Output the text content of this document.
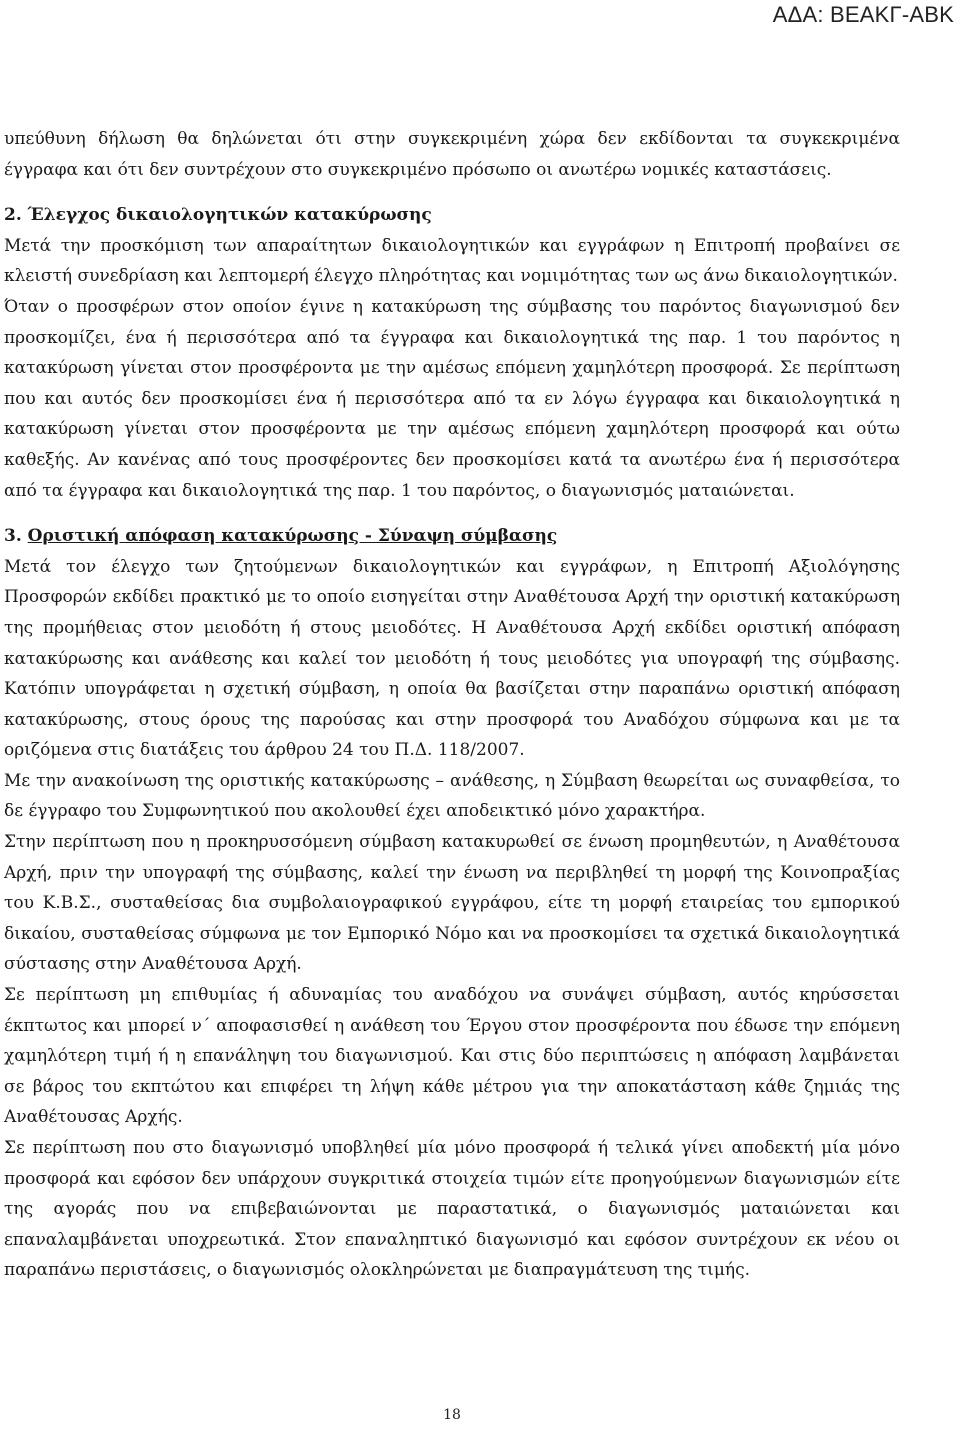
ΑΔΑ: ΒΕΑΚΓ-ΑΒΚ

υπεύθυνη δήλωση θα δηλώνεται ότι στην συγκεκριμένη χώρα δεν εκδίδονται τα συγκεκριμένα έγγραφα και ότι δεν συντρέχουν στο συγκεκριμένο πρόσωπο οι ανωτέρω νομικές καταστάσεις.

2. Έλεγχος δικαιολογητικών κατακύρωσης

Μετά την προσκόμιση των απαραίτητων δικαιολογητικών και εγγράφων η Επιτροπή προβαίνει σε κλειστή συνεδρίαση και λεπτομερή έλεγχο πληρότητας και νομιμότητας των ως άνω δικαιολογητικών.

Όταν ο προσφέρων στον οποίον έγινε η κατακύρωση της σύμβασης του παρόντος διαγωνισμού δεν προσκομίζει, ένα ή περισσότερα από τα έγγραφα και δικαιολογητικά της παρ. 1 του παρόντος η κατακύρωση γίνεται στον προσφέροντα με την αμέσως επόμενη χαμηλότερη προσφορά. Σε περίπτωση που και αυτός δεν προσκομίσει ένα ή περισσότερα από τα εν λόγω έγγραφα και δικαιολογητικά η κατακύρωση γίνεται στον προσφέροντα με την αμέσως επόμενη χαμηλότερη προσφορά και ούτω καθεξής. Αν κανένας από τους προσφέροντες δεν προσκομίσει κατά τα ανωτέρω ένα ή περισσότερα από τα έγγραφα και δικαιολογητικά της παρ. 1 του παρόντος, ο διαγωνισμός ματαιώνεται.

3. Οριστική απόφαση κατακύρωσης - Σύναψη σύμβασης

Μετά τον έλεγχο των ζητούμενων δικαιολογητικών και εγγράφων, η Επιτροπή Αξιολόγησης Προσφορών εκδίδει πρακτικό με το οποίο εισηγείται στην Αναθέτουσα Αρχή την οριστική κατακύρωση της προμήθειας στον μειοδότη ή στους μειοδότες. Η Αναθέτουσα Αρχή εκδίδει οριστική απόφαση κατακύρωσης και ανάθεσης και καλεί τον μειοδότη ή τους μειοδότες για υπογραφή της σύμβασης. Κατόπιν υπογράφεται η σχετική σύμβαση, η οποία θα βασίζεται στην παραπάνω οριστική απόφαση κατακύρωσης, στους όρους της παρούσας και στην προσφορά του Αναδόχου σύμφωνα και με τα οριζόμενα στις διατάξεις του άρθρου 24 του Π.Δ. 118/2007.

Με την ανακοίνωση της οριστικής κατακύρωσης – ανάθεσης, η Σύμβαση θεωρείται ως συναφθείσα, το δε έγγραφο του Συμφωνητικού που ακολουθεί έχει αποδεικτικό μόνο χαρακτήρα.

Στην περίπτωση που η προκηρυσσόμενη σύμβαση κατακυρωθεί σε ένωση προμηθευτών, η Αναθέτουσα Αρχή, πριν την υπογραφή της σύμβασης, καλεί την ένωση να περιβληθεί τη μορφή της Κοινοπραξίας του Κ.Β.Σ., συσταθείσας δια συμβολαιογραφικού εγγράφου, είτε τη μορφή εταιρείας του εμπορικού δικαίου, συσταθείσας σύμφωνα με τον Εμπορικό Νόμο και να προσκομίσει τα σχετικά δικαιολογητικά σύστασης στην Αναθέτουσα Αρχή.

Σε περίπτωση μη επιθυμίας ή αδυναμίας του αναδόχου να συνάψει σύμβαση, αυτός κηρύσσεται έκπτωτος και μπορεί ν΄ αποφασισθεί η ανάθεση του Έργου στον προσφέροντα που έδωσε την επόμενη χαμηλότερη τιμή ή η επανάληψη του διαγωνισμού. Και στις δύο περιπτώσεις η απόφαση λαμβάνεται σε βάρος του εκπτώτου και επιφέρει τη λήψη κάθε μέτρου για την αποκατάσταση κάθε ζημιάς της Αναθέτουσας Αρχής.

Σε περίπτωση που στο διαγωνισμό υποβληθεί μία μόνο προσφορά ή τελικά γίνει αποδεκτή μία μόνο προσφορά και εφόσον δεν υπάρχουν συγκριτικά στοιχεία τιμών είτε προηγούμενων διαγωνισμών είτε της αγοράς που να επιβεβαιώνονται με παραστατικά, ο διαγωνισμός ματαιώνεται και επαναλαμβάνεται υποχρεωτικά. Στον επαναληπτικό διαγωνισμό και εφόσον συντρέχουν εκ νέου οι παραπάνω περιστάσεις, ο διαγωνισμός ολοκληρώνεται με διαπραγμάτευση της τιμής.

18
